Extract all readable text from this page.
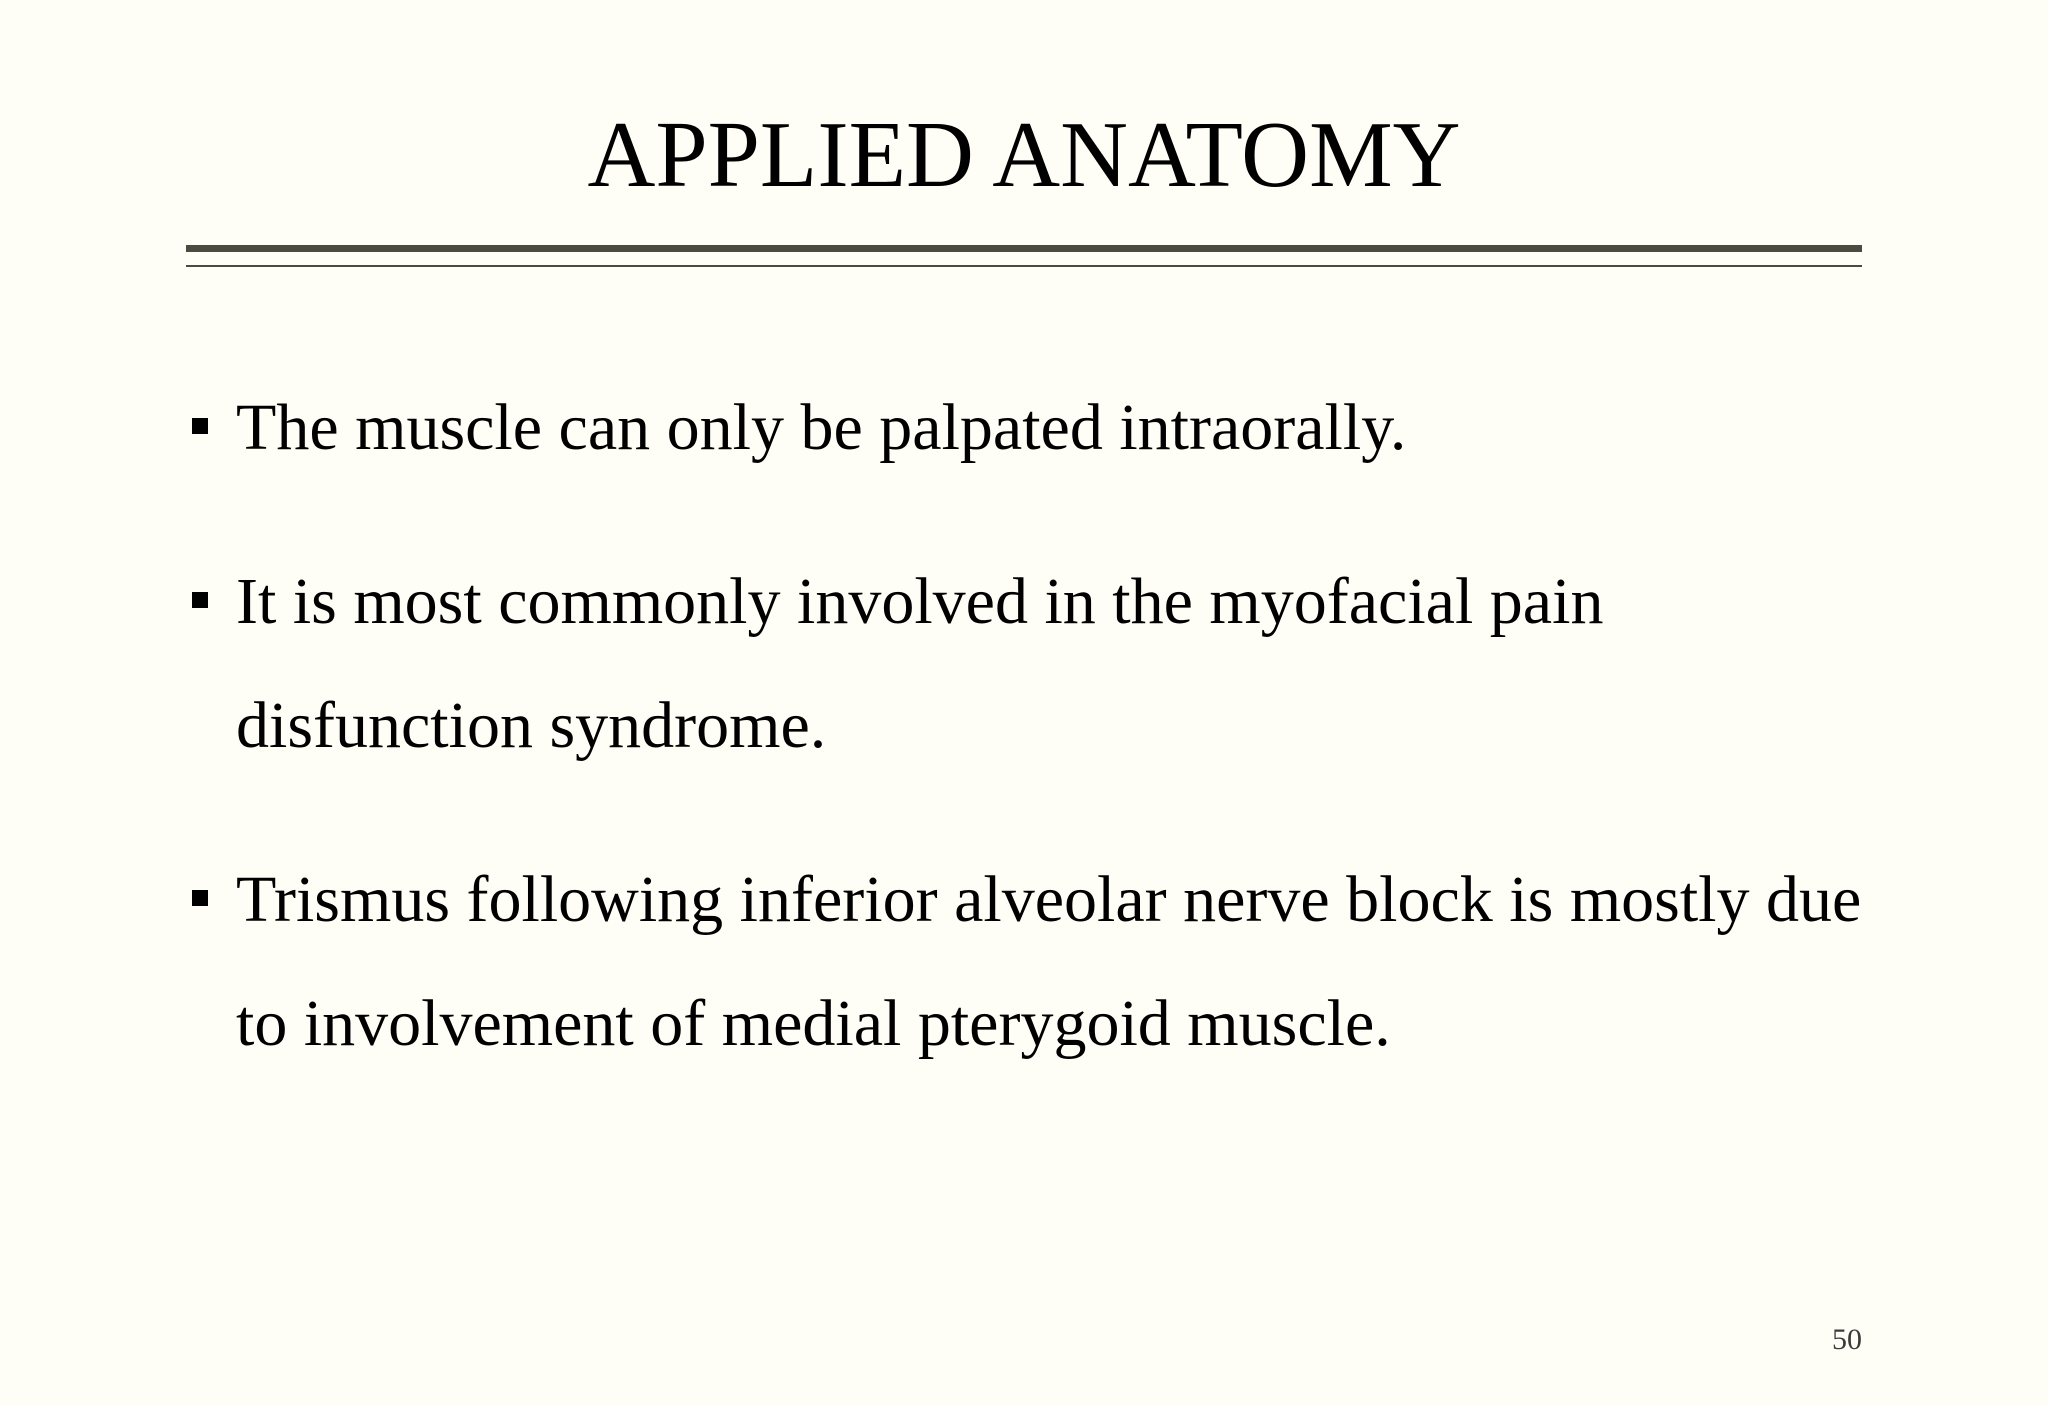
APPLIED ANATOMY
The muscle can only be palpated intraorally.
It is most commonly involved in the myofacial pain disfunction syndrome.
Trismus following inferior alveolar nerve block is mostly due to involvement of medial pterygoid muscle.
50
